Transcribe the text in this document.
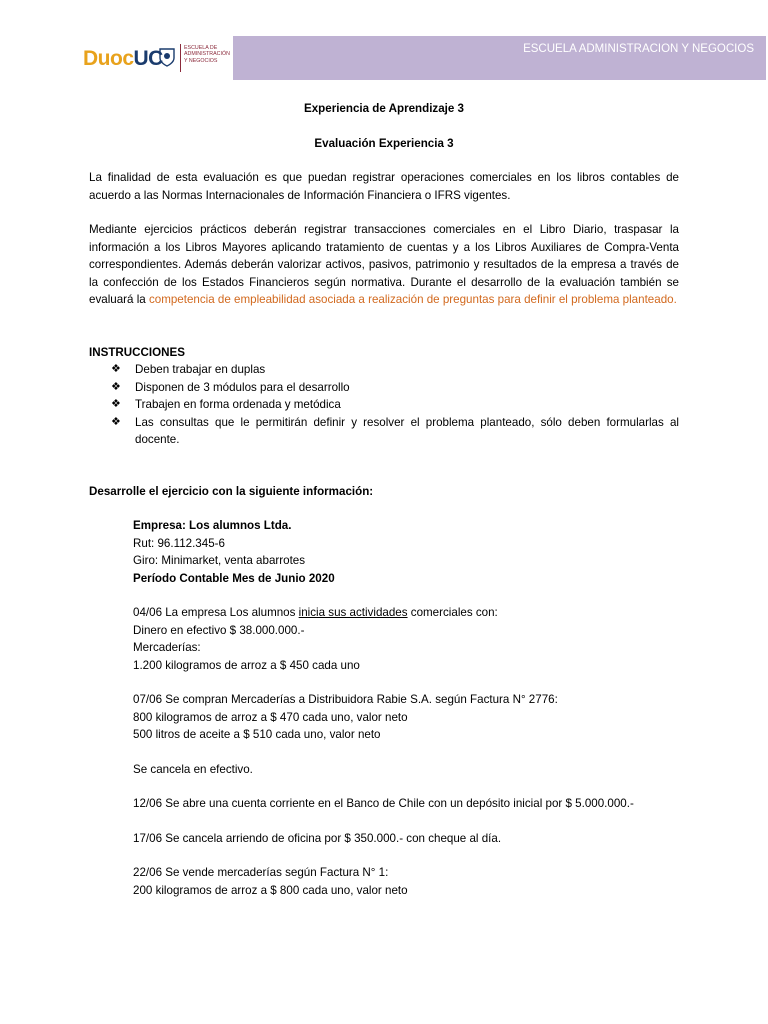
DuocUC	ESCUELA DE
ADMINISTRACIÓN
Y NEGOCIOS
ESCUELA ADMINISTRACION Y NEGOCIOS

Experiencia de Aprendizaje 3

Evaluación Experiencia 3

La finalidad de esta evaluación es que puedan registrar operaciones comerciales en los libros contables de acuerdo a las Normas Internacionales de Información Financiera o IFRS vigentes.

Mediante ejercicios prácticos deberán registrar transacciones comerciales en el Libro Diario, traspasar la información a los Libros Mayores aplicando tratamiento de cuentas y a los Libros Auxiliares de Compra-Venta correspondientes. Además deberán valorizar activos, pasivos, patrimonio y resultados de la empresa a través de la confección de los Estados Financieros según normativa. Durante el desarrollo de la evaluación también se evaluará la competencia de empleabilidad asociada a realización de preguntas para definir el problema planteado.

INSTRUCCIONES

❖ Deben trabajar en duplas
❖ Disponen de 3 módulos para el desarrollo
❖ Trabajen en forma ordenada y metódica
❖ Las consultas que le permitirán definir y resolver el problema planteado, sólo deben formularlas al docente.

Desarrolle el ejercicio con la siguiente información:

Empresa: Los alumnos Ltda.

Rut: 96.112.345-6

Giro: Minimarket, venta abarrotes

Período Contable Mes de Junio 2020

04/06 La empresa Los alumnos inicia sus actividades comerciales con:

Dinero en efectivo $ 38.000.000.-

Mercaderías:

1.200 kilogramos de arroz a $ 450 cada uno

07/06 Se compran Mercaderías a Distribuidora Rabie S.A. según Factura N° 2776:

800 kilogramos de arroz a $ 470 cada uno, valor neto

500 litros de aceite a $ 510 cada uno, valor neto

Se cancela en efectivo.

12/06 Se abre una cuenta corriente en el Banco de Chile con un depósito inicial por $ 5.000.000.-

17/06 Se cancela arriendo de oficina por $ 350.000.- con cheque al día.

22/06 Se vende mercaderías según Factura N° 1:

200 kilogramos de arroz a $ 800 cada uno, valor neto
